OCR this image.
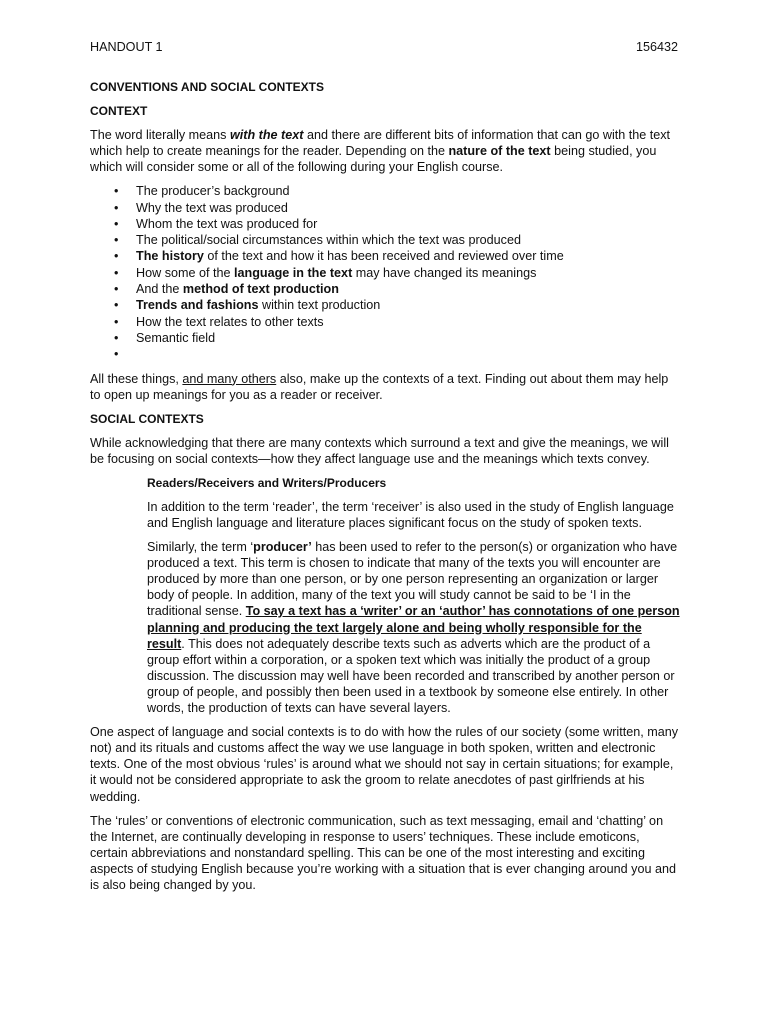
HANDOUT 1	156432
CONVENTIONS AND SOCIAL CONTEXTS
CONTEXT

The word literally means with the text and there are different bits of information that can go with the text which help to create meanings for the reader. Depending on the nature of the text being studied, you which will consider some or all of the following during your English course.

• The producer’s background
• Why the text was produced
• Whom the text was produced for
• The political/social circumstances within which the text was produced
• The history of the text and how it has been received and reviewed over time
• How some of the language in the text may have changed its meanings
• And the method of text production
• Trends and fashions within text production
• How the text relates to other texts
• Semantic field
•

All these things, and many others also, make up the contexts of a text. Finding out about them may help to open up meanings for you as a reader or receiver.

SOCIAL CONTEXTS

While acknowledging that there are many contexts which surround a text and give the meanings, we will be focusing on social contexts—how they affect language use and the meanings which texts convey.

Readers/Receivers and Writers/Producers

In addition to the term ‘reader’, the term ‘receiver’ is also used in the study of English language and English language and literature places significant focus on the study of spoken texts.

Similarly, the term ‘producer’ has been used to refer to the person(s) or organization who have produced a text. This term is chosen to indicate that many of the texts you will encounter are produced by more than one person, or by one person representing an organization or larger body of people. In addition, many of the text you will study cannot be said to be ‘I in the traditional sense. To say a text has a ‘writer’ or an ‘author’ has connotations of one person planning and producing the text largely alone and being wholly responsible for the result. This does not adequately describe texts such as adverts which are the product of a group effort within a corporation, or a spoken text which was initially the product of a group discussion. The discussion may well have been recorded and transcribed by another person or group of people, and possibly then been used in a textbook by someone else entirely. In other words, the production of texts can have several layers.

One aspect of language and social contexts is to do with how the rules of our society (some written, many not) and its rituals and customs affect the way we use language in both spoken, written and electronic texts. One of the most obvious ‘rules’ is around what we should not say in certain situations; for example, it would not be considered appropriate to ask the groom to relate anecdotes of past girlfriends at his wedding.

The ‘rules’ or conventions of electronic communication, such as text messaging, email and ‘chatting’ on the Internet, are continually developing in response to users’ techniques. These include emoticons, certain abbreviations and nonstandard spelling. This can be one of the most interesting and exciting aspects of studying English because you’re working with a situation that is ever changing around you and is also being changed by you.
